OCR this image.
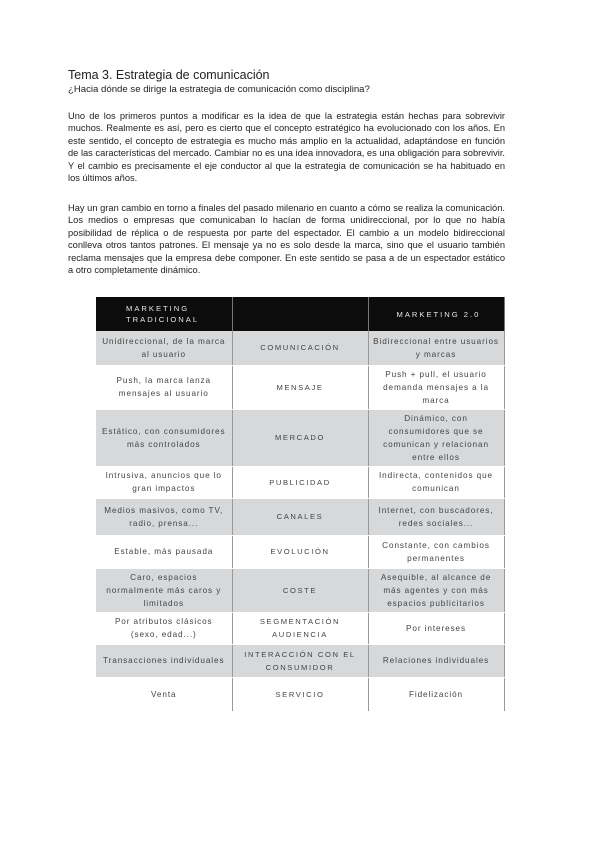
Tema 3. Estrategia de comunicación
¿Hacia dónde se dirige la estrategia de comunicación como disciplina?
Uno de los primeros puntos a modificar es la idea de que la estrategia están hechas para sobrevivir muchos. Realmente es así, pero es cierto que el concepto estratégico ha evolucionado con los años. En este sentido, el concepto de estrategia es mucho más amplio en la actualidad, adaptándose en función de las características del mercado. Cambiar no es una idea innovadora, es una obligación para sobrevivir. Y el cambio es precisamente el eje conductor al que la estrategia de comunicación se ha habituado en los últimos años.
Hay un gran cambio en torno a finales del pasado milenario en cuanto a cómo se realiza la comunicación. Los medios o empresas que comunicaban lo hacían de forma unidireccional, por lo que no había posibilidad de réplica o de respuesta por parte del espectador. El cambio a un modelo bidireccional conlleva otros tantos patrones. El mensaje ya no es solo desde la marca, sino que el usuario también reclama mensajes que la empresa debe componer. En este sentido se pasa a de un espectador estático a otro completamente dinámico.
MARKETING TRADICIONAL		MARKETING 2.0
Unidireccional, de la marca al usuario	COMUNICACIÓN	Bidireccional entre usuarios y marcas
Push, la marca lanza mensajes al usuario	MENSAJE	Push + pull, el usuario demanda mensajes a la marca
Estático, con consumidores más controlados	MERCADO	Dinámico, con consumidores que se comunican y relacionan entre ellos
Intrusiva, anuncios que lo gran impactos	PUBLICIDAD	Indirecta, contenidos que comunican
Medios masivos, como TV, radio, prensa...	CANALES	Internet, con buscadores, redes sociales...
Estable, más pausada	EVOLUCIÓN	Constante, con cambios permanentes
Caro, espacios normalmente más caros y limitados	COSTE	Asequible, al alcance de más agentes y con más espacios publicitarios
Por atributos clásicos (sexo, edad...)	SEGMENTACIÓN AUDIENCIA	Por intereses
Transacciones individuales	INTERACCIÓN CON EL CONSUMIDOR	Relaciones individuales
Venta	SERVICIO	Fidelización
